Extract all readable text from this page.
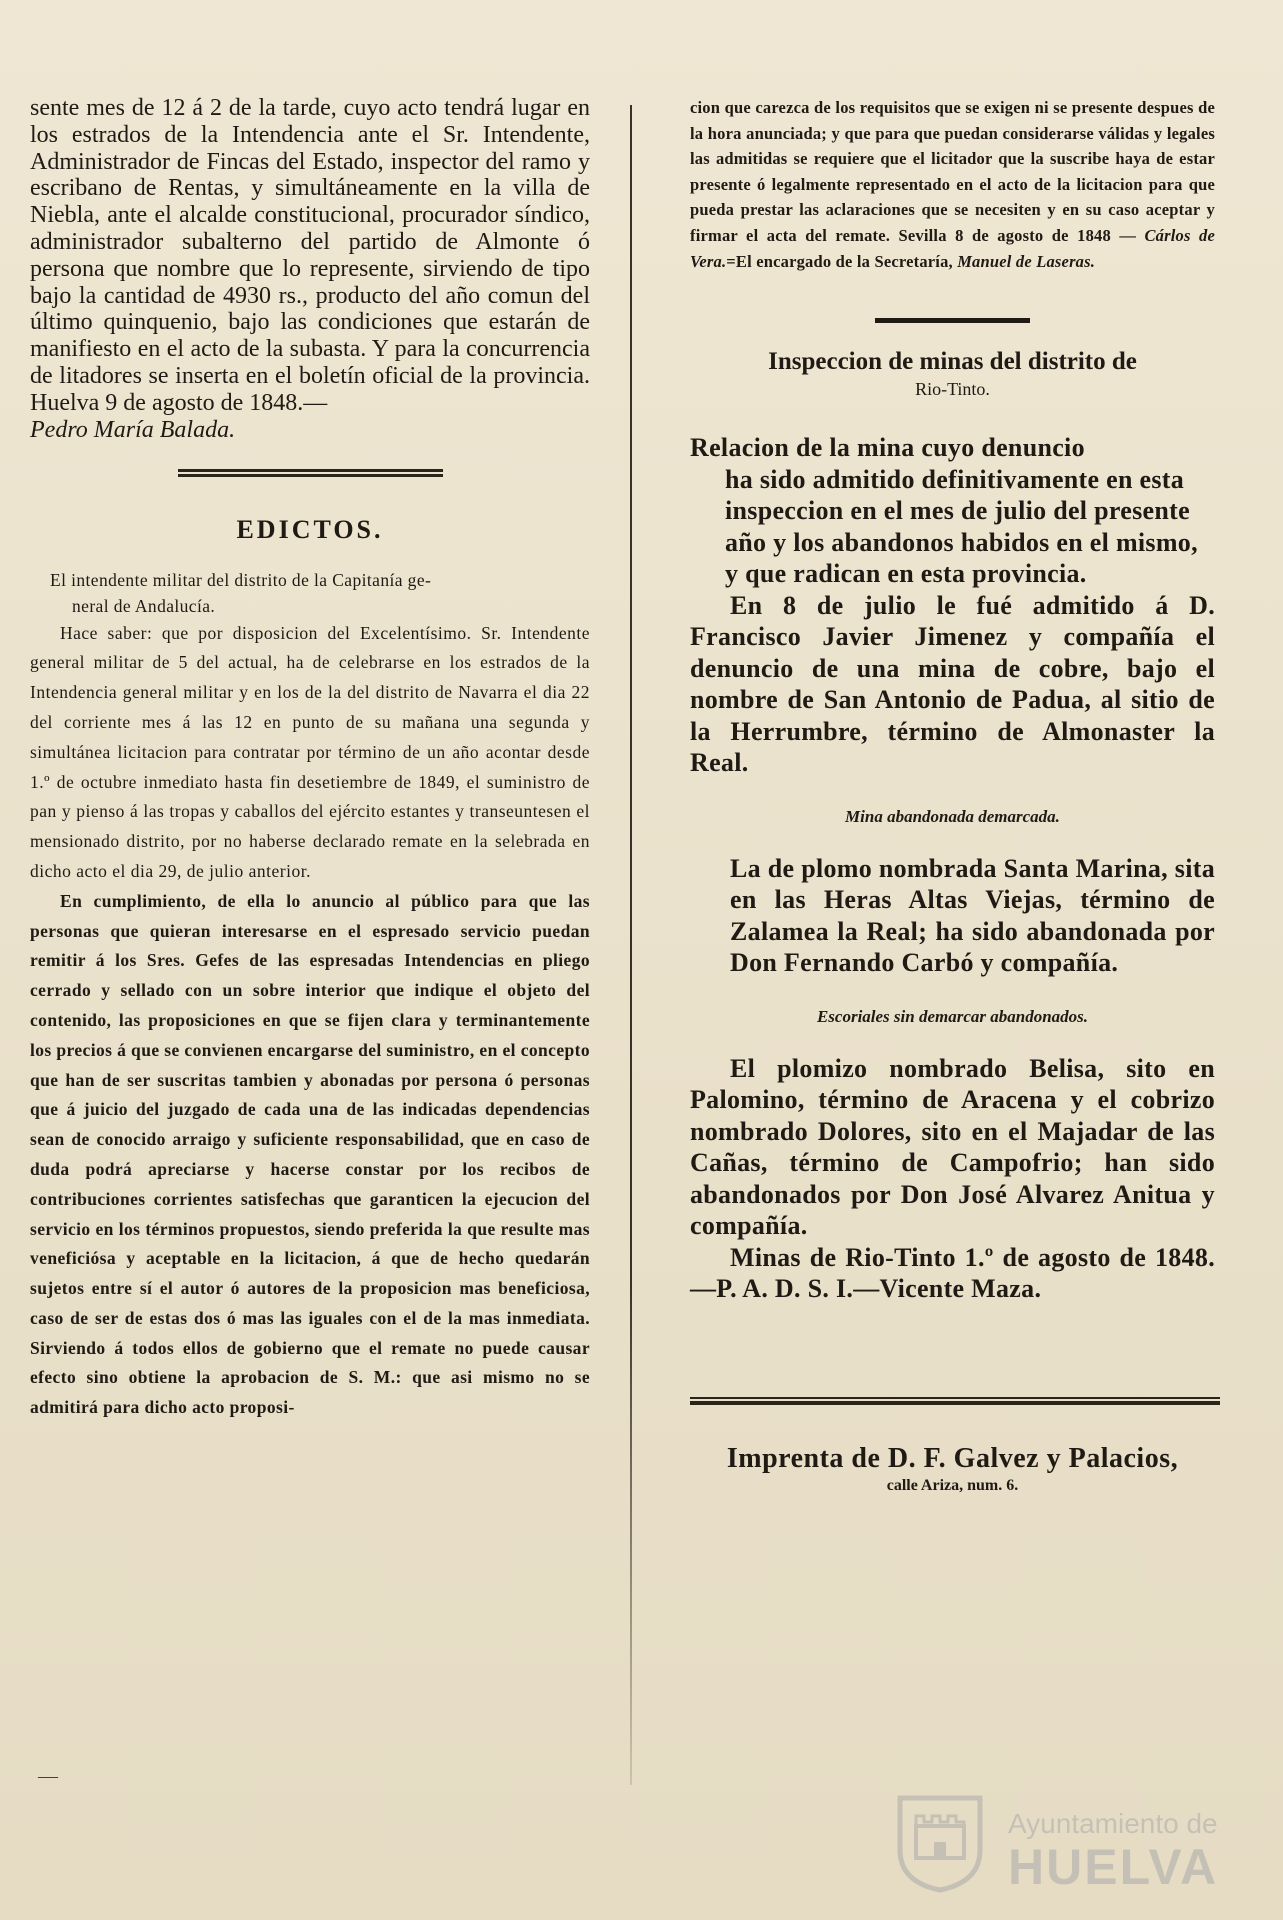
sente mes de 12 á 2 de la tarde, cuyo acto tendrá lugar en los estrados de la Intendencia ante el Sr. Intendente, Administrador de Fincas del Estado, inspector del ramo y escribano de Rentas, y simultáneamente en la villa de Niebla, ante el alcalde constitucional, procurador síndico, administrador subalterno del partido de Almonte ó persona que nombre que lo represente, sirviendo de tipo bajo la cantidad de 4930 rs., producto del año comun del último quinquenio, bajo las condiciones que estarán de manifiesto en el acto de la subasta. Y para la concurrencia de litadores se inserta en el boletín oficial de la provincia. Huelva 9 de agosto de 1848.—

Pedro María Balada.

EDICTOS.

El intendente militar del distrito de la Capitanía ge-
neral de Andalucía.

Hace saber: que por disposicion del Excelentísimo. Sr. Intendente general militar de 5 del actual, ha de celebrarse en los estrados de la Intendencia general militar y en los de la del distrito de Navarra el dia 22 del corriente mes á las 12 en punto de su mañana una segunda y simultánea licitacion para contratar por término de un año acontar desde 1.º de octubre inmediato hasta fin desetiembre de 1849, el suministro de pan y pienso á las tropas y caballos del ejército estantes y transeuntesen el mensionado distrito, por no haberse declarado remate en la selebrada en dicho acto el dia 29, de julio anterior.

En cumplimiento, de ella lo anuncio al público para que las personas que quieran interesarse en el espresado servicio puedan remitir á los Sres. Gefes de las espresadas Intendencias en pliego cerrado y sellado con un sobre interior que indique el objeto del contenido, las proposiciones en que se fijen clara y terminantemente los precios á que se convienen encargarse del suministro, en el concepto que han de ser suscritas tambien y abonadas por persona ó personas que á juicio del juzgado de cada una de las indicadas dependencias sean de conocido arraigo y suficiente responsabilidad, que en caso de duda podrá apreciarse y hacerse constar por los recibos de contribuciones corrientes satisfechas que garanticen la ejecucion del servicio en los términos propuestos, siendo preferida la que resulte mas veneficiósa y aceptable en la licitacion, á que de hecho quedarán sujetos entre sí el autor ó autores de la proposicion mas beneficiosa, caso de ser de estas dos ó mas las iguales con el de la mas inmediata. Sirviendo á todos ellos de gobierno que el remate no puede causar efecto sino obtiene la aprobacion de S. M.: que asi mismo no se admitirá para dicho acto proposi-

cion que carezca de los requisitos que se exigen ni se presente despues de la hora anunciada; y que para que puedan considerarse válidas y legales las admitidas se requiere que el licitador que la suscribe haya de estar presente ó legalmente representado en el acto de la licitacion para que pueda prestar las aclaraciones que se necesiten y en su caso aceptar y firmar el acta del remate. Sevilla 8 de agosto de 1848 — Cárlos de Vera.=El encargado de la Secretaría, Manuel de Laseras.

Inspeccion de minas del distrito de
Rio-Tinto.

Relacion de la mina cuyo denuncio
ha sido admitido definitivamente en esta inspeccion en el mes de julio del presente año y los abandonos habidos en el mismo, y que radican en esta provincia.

En 8 de julio le fué admitido á D. Francisco Javier Jimenez y compañía el denuncio de una mina de cobre, bajo el nombre de San Antonio de Padua, al sitio de la Herrumbre, término de Almonaster la Real.

Mina abandonada demarcada.

La de plomo nombrada Santa Marina, sita en las Heras Altas Viejas, término de Zalamea la Real; ha sido abandonada por Don Fernando Carbó y compañía.

Escoriales sin demarcar abandonados.

El plomizo nombrado Belisa, sito en Palomino, término de Aracena y el cobrizo nombrado Dolores, sito en el Majadar de las Cañas, término de Campofrio; han sido abandonados por Don José Alvarez Anitua y compañía.

Minas de Rio-Tinto 1.º de agosto de 1848.—P. A. D. S. I.—Vicente Maza.

Imprenta de D. F. Galvez y Palacios,
calle Ariza, num. 6.
—
Ayuntamiento de
HUELVA
